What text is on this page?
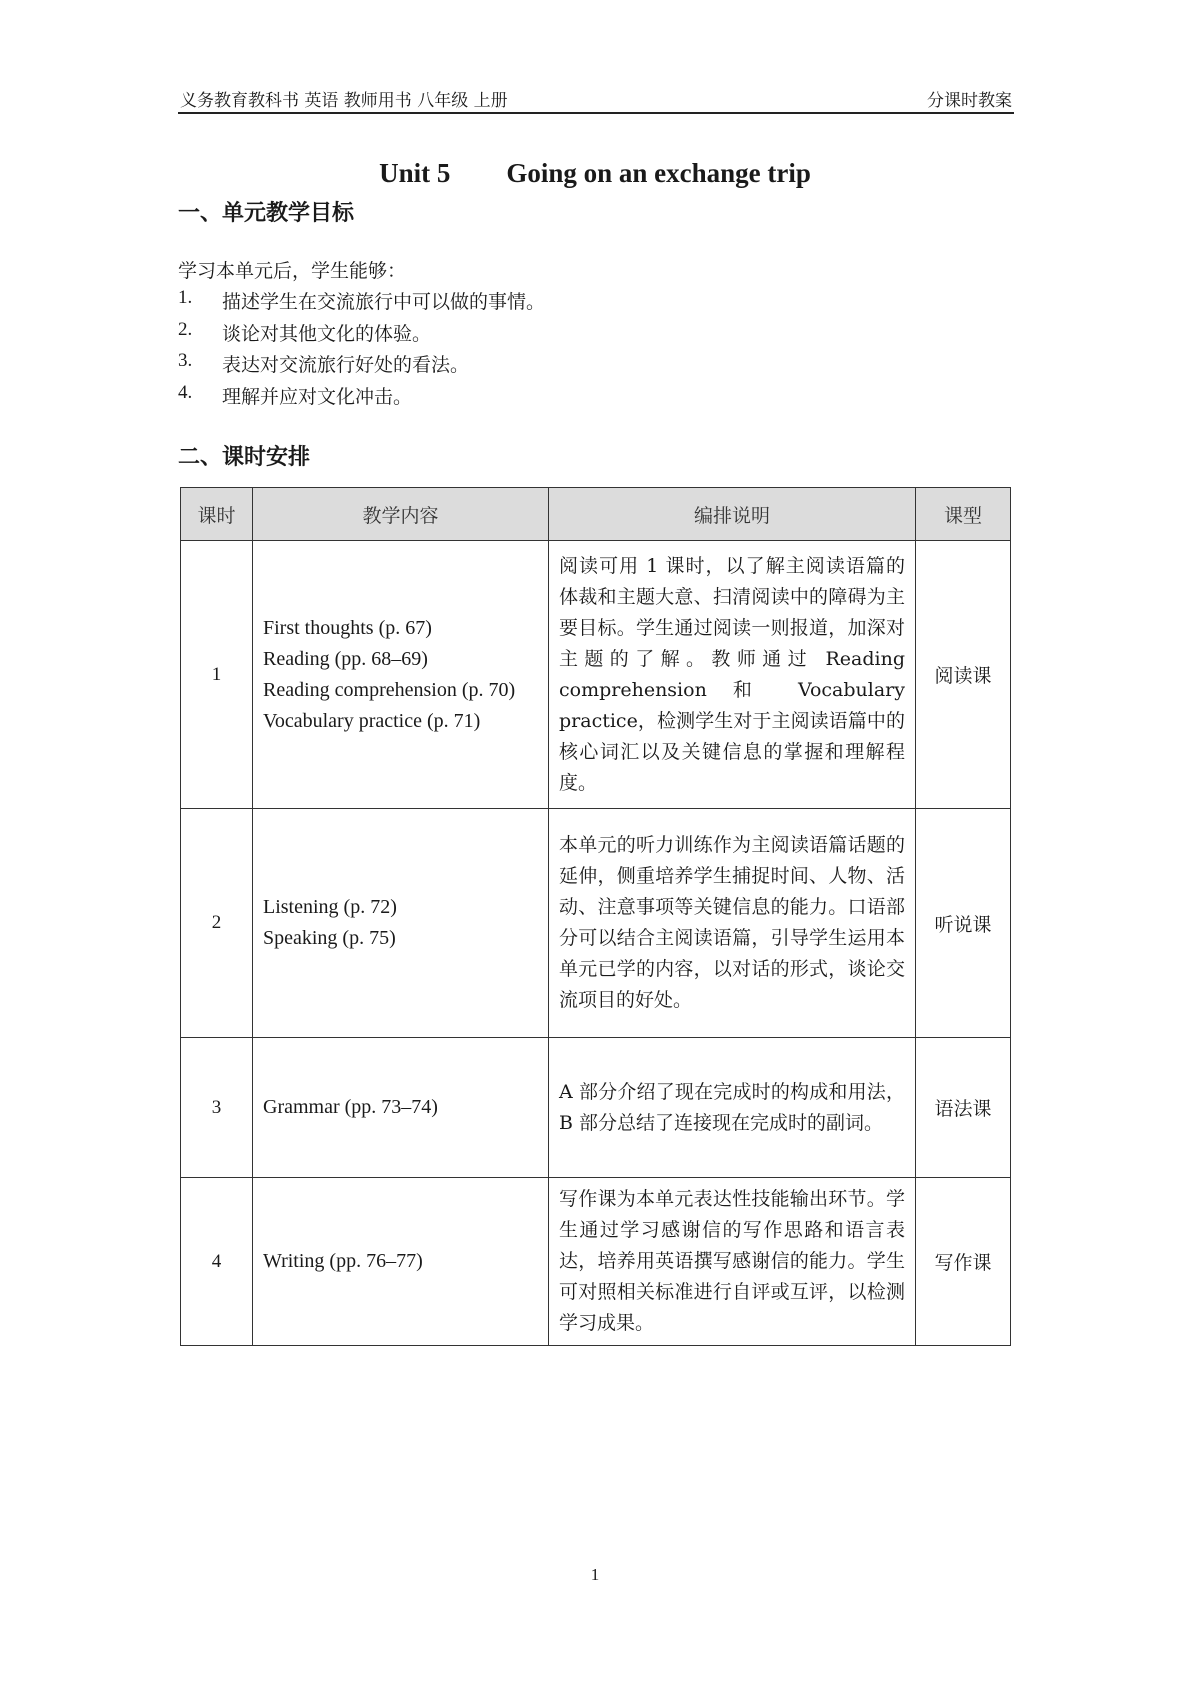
义务教育教科书 英语 教师用书 八年级 上册	分课时教案
Unit 5 Going on an exchange trip
一、单元教学目标
学习本单元后，学生能够：
1.	描述学生在交流旅行中可以做的事情。
2.	谈论对其他文化的体验。
3.	表达对交流旅行好处的看法。
4.	理解并应对文化冲击。
二、课时安排
课时	教学内容	编排说明	课型
1	First thoughts (p. 67)
Reading (pp. 68–69)
Reading comprehension (p. 70)
Vocabulary practice (p. 71)	阅读可用 1 课时，以了解主阅读语篇的体裁和主题大意、扫清阅读中的障碍为主要目标。学生通过阅读一则报道，加深对主题的了解。教师通过 Reading comprehension 和 Vocabulary practice，检测学生对于主阅读语篇中的核心词汇以及关键信息的掌握和理解程度。	阅读课
2	Listening (p. 72)
Speaking (p. 75)	本单元的听力训练作为主阅读语篇话题的延伸，侧重培养学生捕捉时间、人物、活动、注意事项等关键信息的能力。口语部分可以结合主阅读语篇，引导学生运用本单元已学的内容，以对话的形式，谈论交流项目的好处。	听说课
3	Grammar (pp. 73–74)	A 部分介绍了现在完成时的构成和用法，B 部分总结了连接现在完成时的副词。	语法课
4	Writing (pp. 76–77)	写作课为本单元表达性技能输出环节。学生通过学习感谢信的写作思路和语言表达，培养用英语撰写感谢信的能力。学生可对照相关标准进行自评或互评，以检测学习成果。	写作课
1
